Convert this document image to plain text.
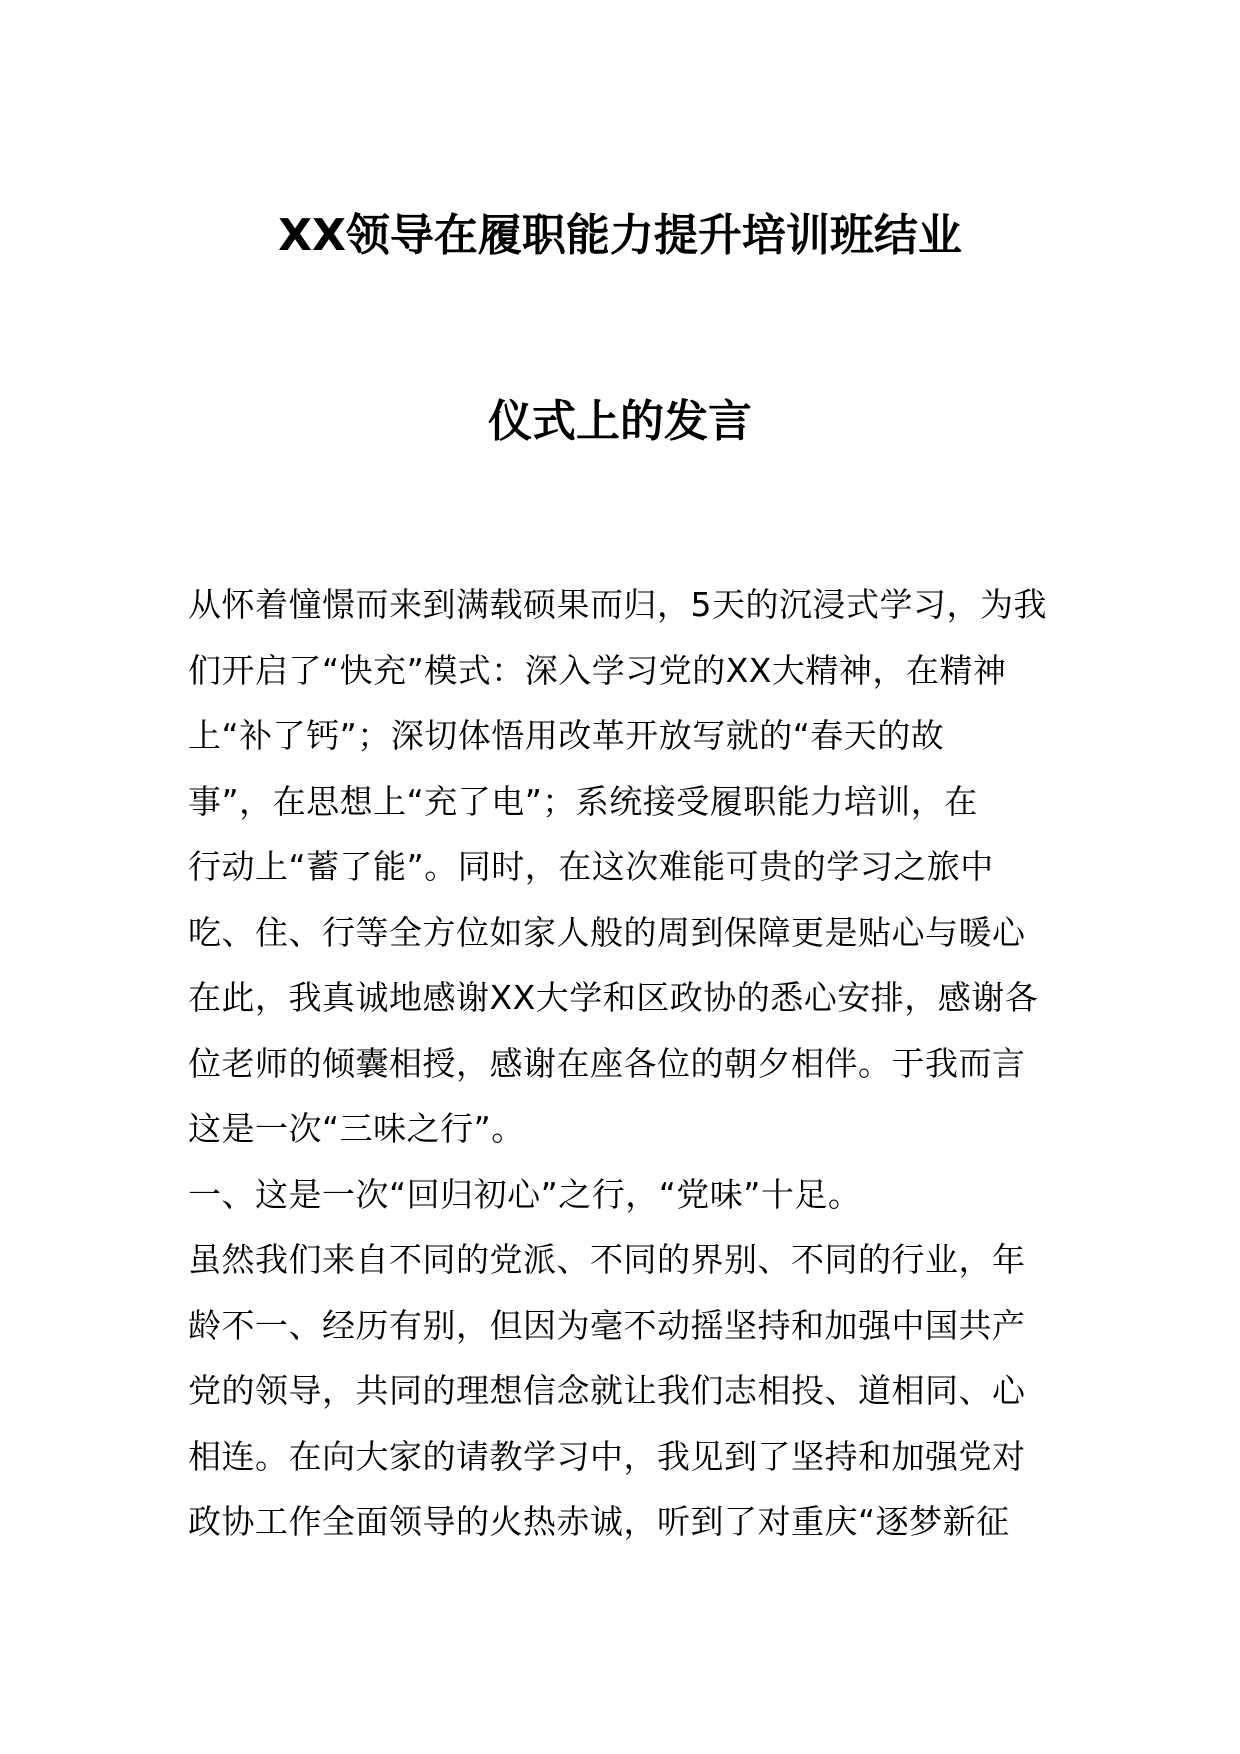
XX领导在履职能力提升培训班结业
仪式上的发言
从怀着憧憬而来到满载硕果而归，5天的沉浸式学习，为我
们开启了“快充”模式：深入学习党的XX大精神，在精神
上“补了钙”；深切体悟用改革开放写就的“春天的故
事”，在思想上“充了电”；系统接受履职能力培训，在
行动上“蓄了能”。同时，在这次难能可贵的学习之旅中
吃、住、行等全方位如家人般的周到保障更是贴心与暖心
在此，我真诚地感谢XX大学和区政协的悉心安排，感谢各
位老师的倾囊相授，感谢在座各位的朝夕相伴。于我而言
这是一次“三味之行”。
一、这是一次“回归初心”之行，“党味”十足。
虽然我们来自不同的党派、不同的界别、不同的行业，年
龄不一、经历有别，但因为毫不动摇坚持和加强中国共产
党的领导，共同的理想信念就让我们志相投、道相同、心
相连。在向大家的请教学习中，我见到了坚持和加强党对
政协工作全面领导的火热赤诚，听到了对重庆“逐梦新征
